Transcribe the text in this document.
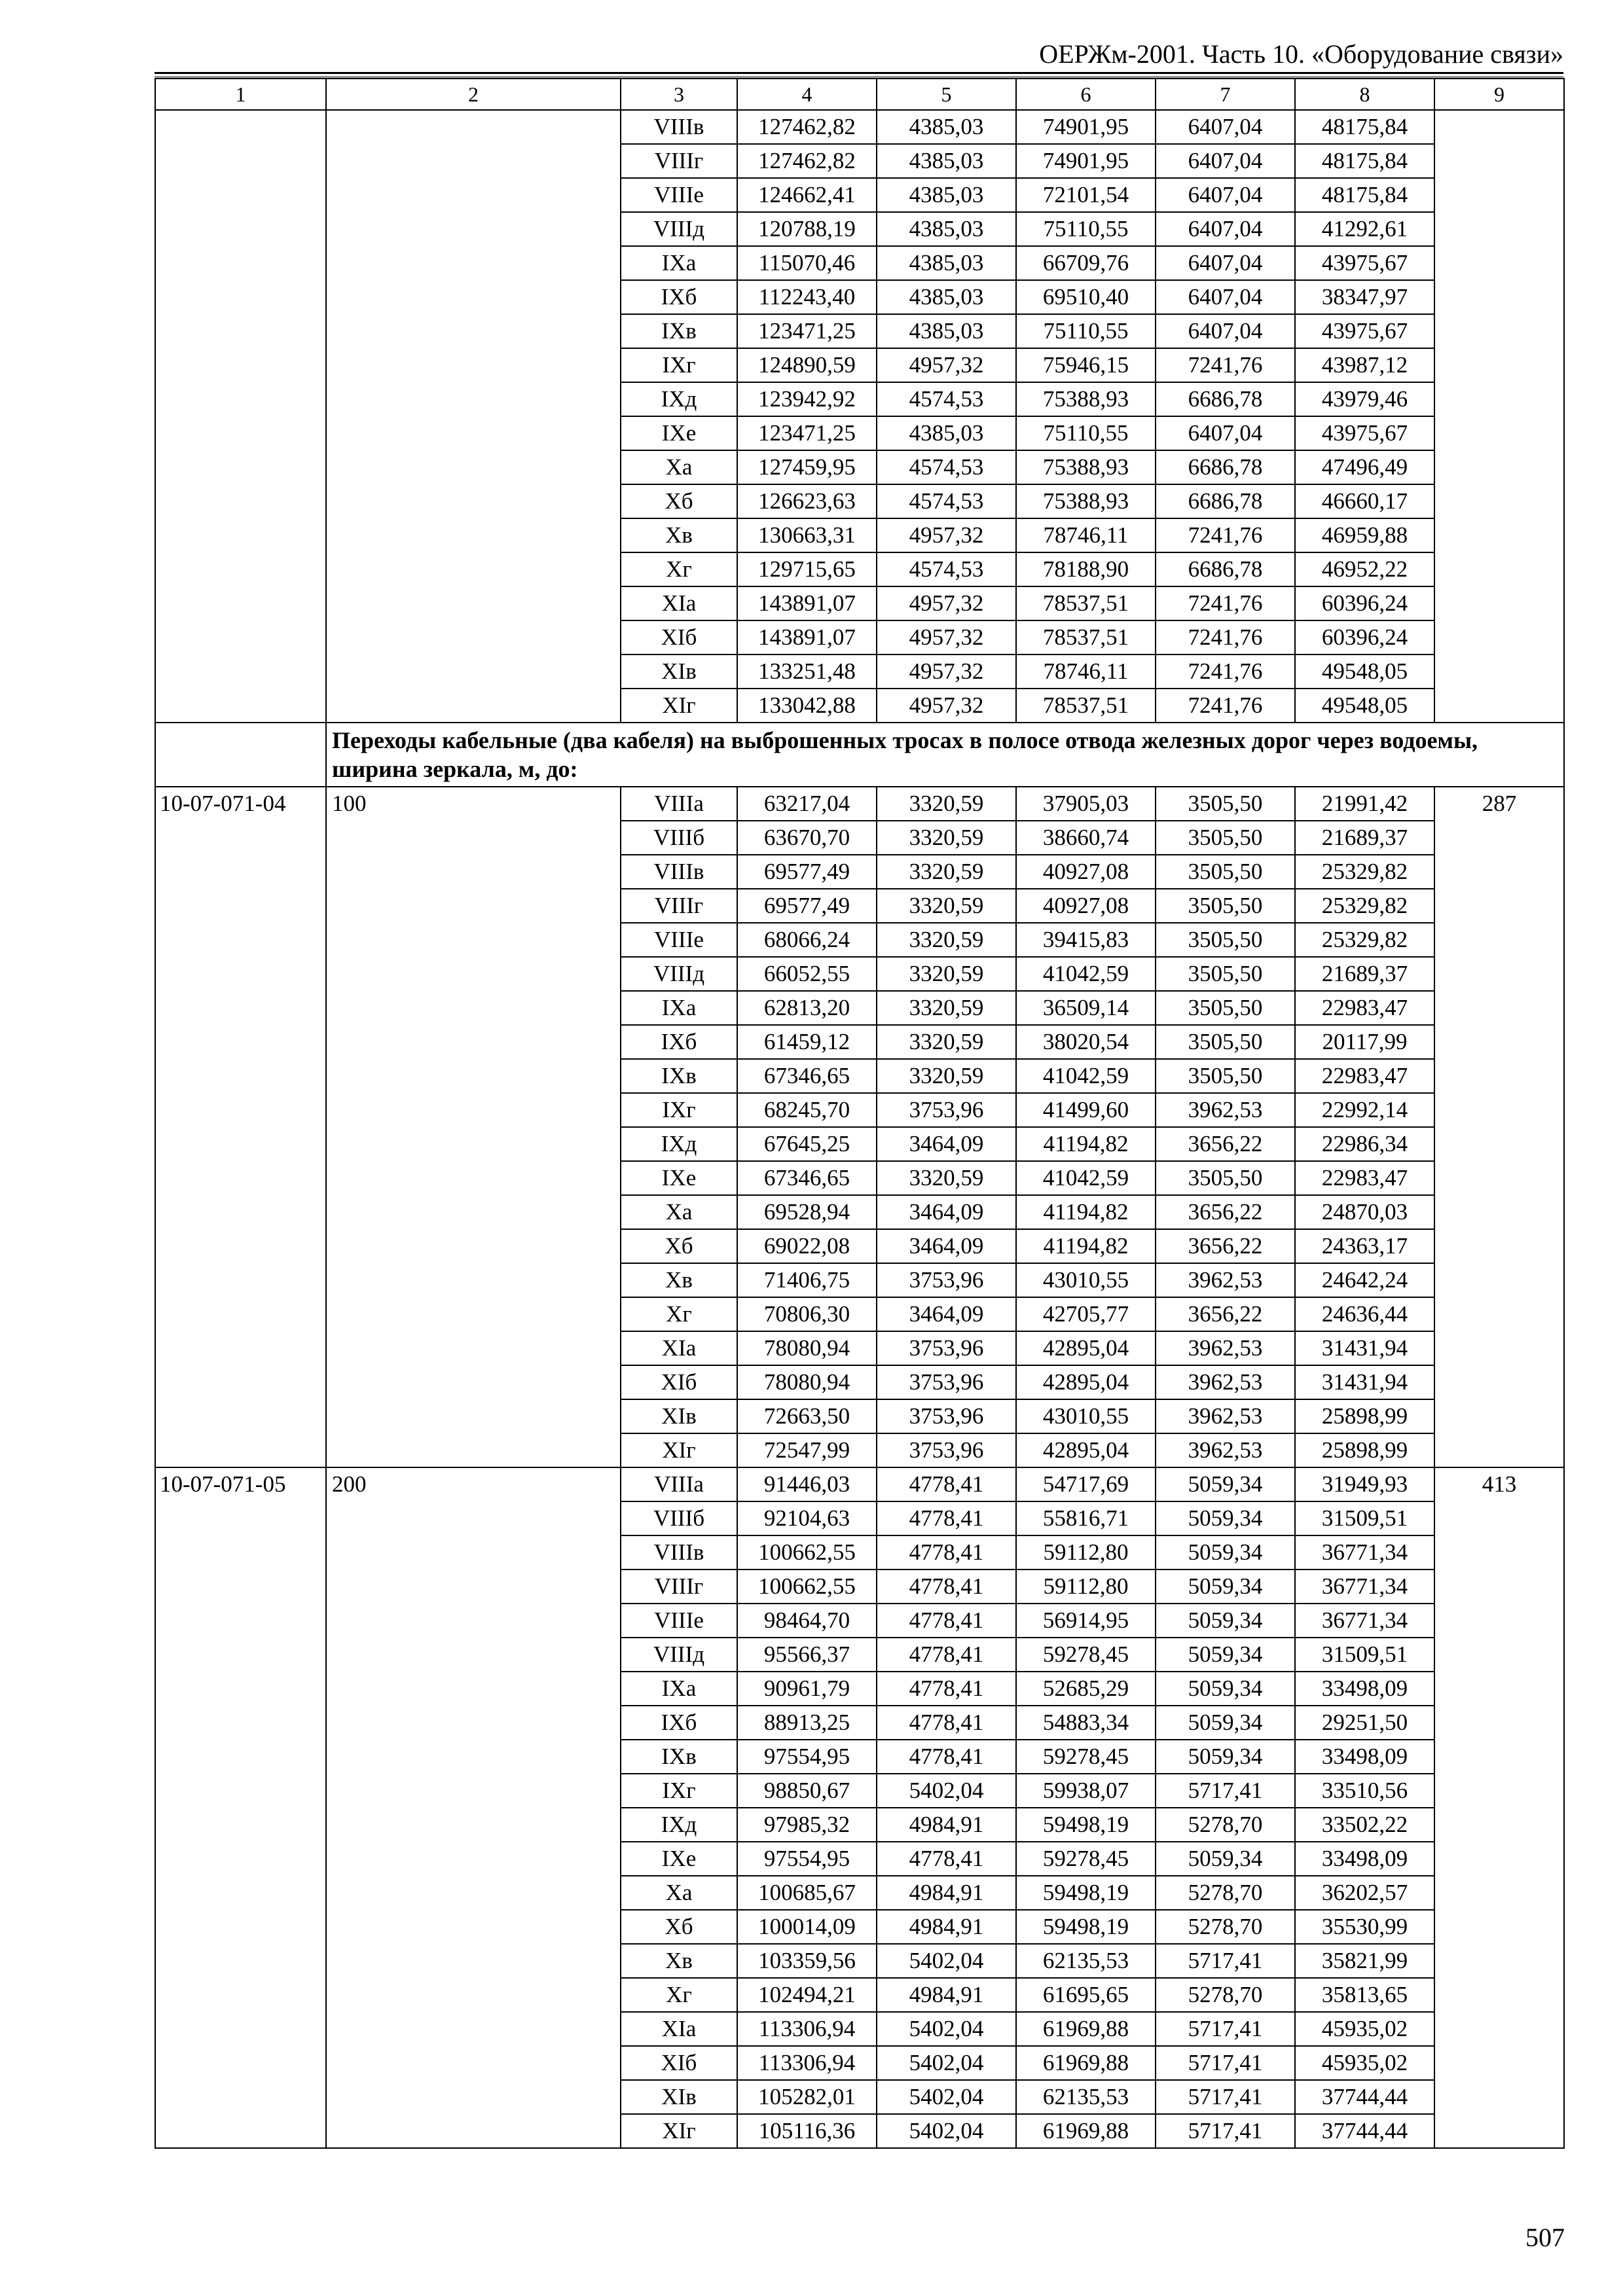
ОЕРЖм-2001. Часть 10. «Оборудование связи»
1	2	3	4	5	6	7	8	9
		VIIIв	127462,82	4385,03	74901,95	6407,04	48175,84	
		VIIIг	127462,82	4385,03	74901,95	6407,04	48175,84	
		VIIIе	124662,41	4385,03	72101,54	6407,04	48175,84	
		VIIIд	120788,19	4385,03	75110,55	6407,04	41292,61	
		IXа	115070,46	4385,03	66709,76	6407,04	43975,67	
		IXб	112243,40	4385,03	69510,40	6407,04	38347,97	
		IXв	123471,25	4385,03	75110,55	6407,04	43975,67	
		IXг	124890,59	4957,32	75946,15	7241,76	43987,12	
		IXд	123942,92	4574,53	75388,93	6686,78	43979,46	
		IXе	123471,25	4385,03	75110,55	6407,04	43975,67	
		Xа	127459,95	4574,53	75388,93	6686,78	47496,49	
		Xб	126623,63	4574,53	75388,93	6686,78	46660,17	
		Xв	130663,31	4957,32	78746,11	7241,76	46959,88	
		Xг	129715,65	4574,53	78188,90	6686,78	46952,22	
		XIа	143891,07	4957,32	78537,51	7241,76	60396,24	
		XIб	143891,07	4957,32	78537,51	7241,76	60396,24	
		XIв	133251,48	4957,32	78746,11	7241,76	49548,05	
		XIг	133042,88	4957,32	78537,51	7241,76	49548,05	
	Переходы кабельные (два кабеля) на выброшенных тросах в полосе отвода железных дорог через водоемы, ширина зеркала, м, до:							
10-07-071-04	100	VIIIа	63217,04	3320,59	37905,03	3505,50	21991,42	287
		VIIIб	63670,70	3320,59	38660,74	3505,50	21689,37	
		VIIIв	69577,49	3320,59	40927,08	3505,50	25329,82	
		VIIIг	69577,49	3320,59	40927,08	3505,50	25329,82	
		VIIIе	68066,24	3320,59	39415,83	3505,50	25329,82	
		VIIIд	66052,55	3320,59	41042,59	3505,50	21689,37	
		IXа	62813,20	3320,59	36509,14	3505,50	22983,47	
		IXб	61459,12	3320,59	38020,54	3505,50	20117,99	
		IXв	67346,65	3320,59	41042,59	3505,50	22983,47	
		IXг	68245,70	3753,96	41499,60	3962,53	22992,14	
		IXд	67645,25	3464,09	41194,82	3656,22	22986,34	
		IXе	67346,65	3320,59	41042,59	3505,50	22983,47	
		Xа	69528,94	3464,09	41194,82	3656,22	24870,03	
		Xб	69022,08	3464,09	41194,82	3656,22	24363,17	
		Xв	71406,75	3753,96	43010,55	3962,53	24642,24	
		Xг	70806,30	3464,09	42705,77	3656,22	24636,44	
		XIа	78080,94	3753,96	42895,04	3962,53	31431,94	
		XIб	78080,94	3753,96	42895,04	3962,53	31431,94	
		XIв	72663,50	3753,96	43010,55	3962,53	25898,99	
		XIг	72547,99	3753,96	42895,04	3962,53	25898,99	
10-07-071-05	200	VIIIа	91446,03	4778,41	54717,69	5059,34	31949,93	413
		VIIIб	92104,63	4778,41	55816,71	5059,34	31509,51	
		VIIIв	100662,55	4778,41	59112,80	5059,34	36771,34	
		VIIIг	100662,55	4778,41	59112,80	5059,34	36771,34	
		VIIIе	98464,70	4778,41	56914,95	5059,34	36771,34	
		VIIIд	95566,37	4778,41	59278,45	5059,34	31509,51	
		IXа	90961,79	4778,41	52685,29	5059,34	33498,09	
		IXб	88913,25	4778,41	54883,34	5059,34	29251,50	
		IXв	97554,95	4778,41	59278,45	5059,34	33498,09	
		IXг	98850,67	5402,04	59938,07	5717,41	33510,56	
		IXд	97985,32	4984,91	59498,19	5278,70	33502,22	
		IXе	97554,95	4778,41	59278,45	5059,34	33498,09	
		Xа	100685,67	4984,91	59498,19	5278,70	36202,57	
		Xб	100014,09	4984,91	59498,19	5278,70	35530,99	
		Xв	103359,56	5402,04	62135,53	5717,41	35821,99	
		Xг	102494,21	4984,91	61695,65	5278,70	35813,65	
		XIа	113306,94	5402,04	61969,88	5717,41	45935,02	
		XIб	113306,94	5402,04	61969,88	5717,41	45935,02	
		XIв	105282,01	5402,04	62135,53	5717,41	37744,44	
		XIг	105116,36	5402,04	61969,88	5717,41	37744,44	
507
